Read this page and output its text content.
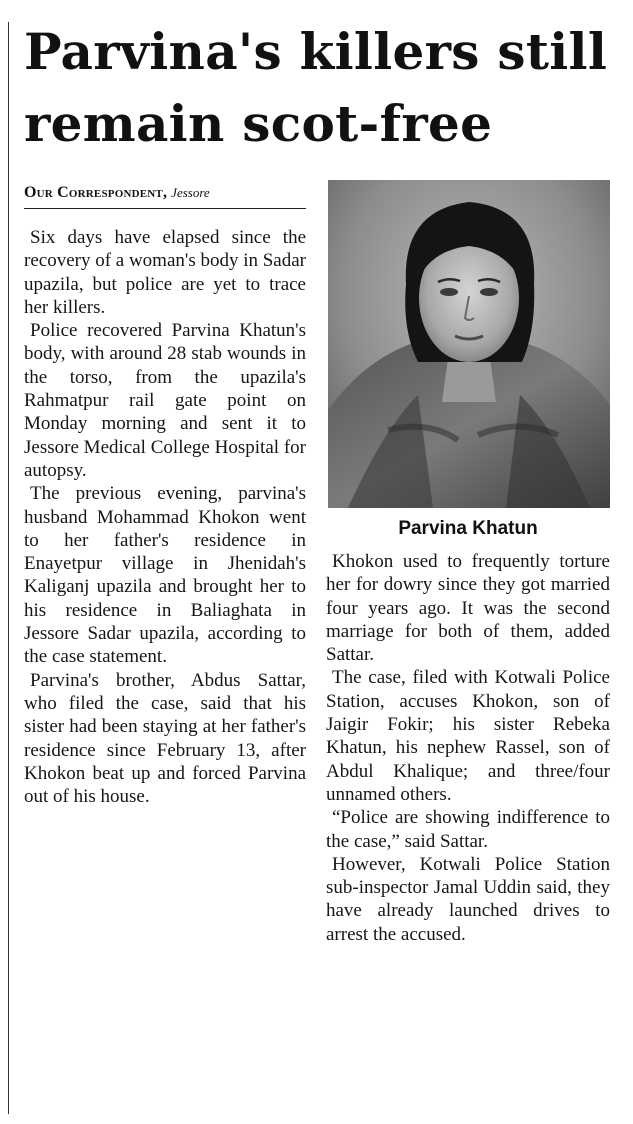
Parvina's killers still
remain scot-free
Our Correspondent, Jessore

Six days have elapsed since the recovery of a woman's body in Sadar upazila, but police are yet to trace her killers.

Police recovered Parvina Khatun's body, with around 28 stab wounds in the torso, from the upazila's Rahmatpur rail gate point on Monday morning and sent it to Jessore Medical College Hospital for autopsy.

The previous evening, parvina's husband Mohammad Khokon went to her father's residence in Enayetpur village in Jhenidah's Kaliganj upazila and brought her to his residence in Baliaghata in Jessore Sadar upazila, according to the case statement.

Parvina's brother, Abdus Sattar, who filed the case, said that his sister had been staying at her father's residence since February 13, after Khokon beat up and forced Parvina out of his house.

Parvina Khatun

Khokon used to frequently torture her for dowry since they got married four years ago. It was the second marriage for both of them, added Sattar.

The case, filed with Kotwali Police Station, accuses Khokon, son of Jaigir Fokir; his sister Rebeka Khatun, his nephew Rassel, son of Abdul Khalique; and three/four unnamed others.

“Police are showing indifference to the case,” said Sattar.

However, Kotwali Police Station sub-inspector Jamal Uddin said, they have already launched drives to arrest the accused.
